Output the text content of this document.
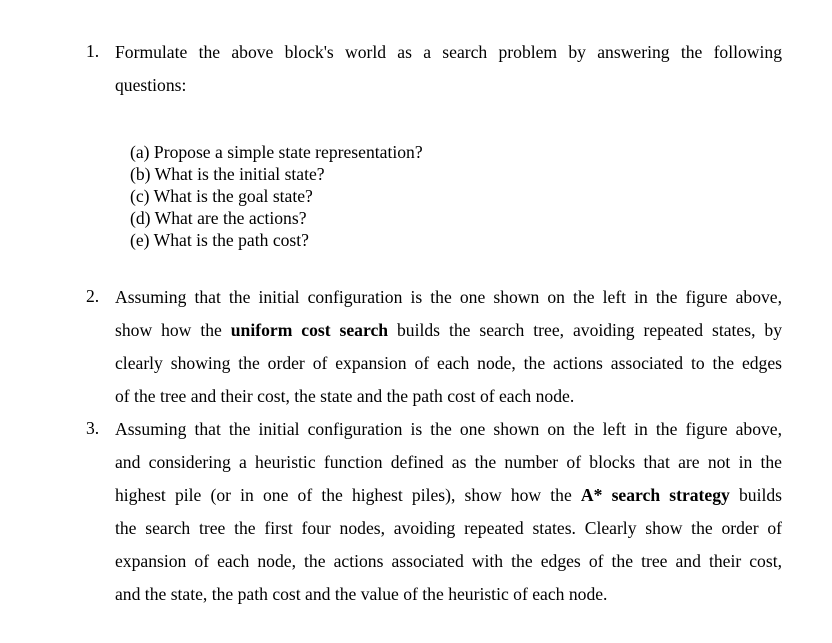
1. Formulate the above block's world as a search problem by answering the following
questions:
(a) Propose a simple state representation?
(b) What is the initial state?
(c) What is the goal state?
(d) What are the actions?
(e) What is the path cost?
2. Assuming that the initial configuration is the one shown on the left in the figure above,
show how the uniform cost search builds the search tree, avoiding repeated states, by
clearly showing the order of expansion of each node, the actions associated to the edges
of the tree and their cost, the state and the path cost of each node.
3. Assuming that the initial configuration is the one shown on the left in the figure above,
and considering a heuristic function defined as the number of blocks that are not in the
highest pile (or in one of the highest piles), show how the A* search strategy builds
the search tree the first four nodes, avoiding repeated states. Clearly show the order of
expansion of each node, the actions associated with the edges of the tree and their cost,
and the state, the path cost and the value of the heuristic of each node.
